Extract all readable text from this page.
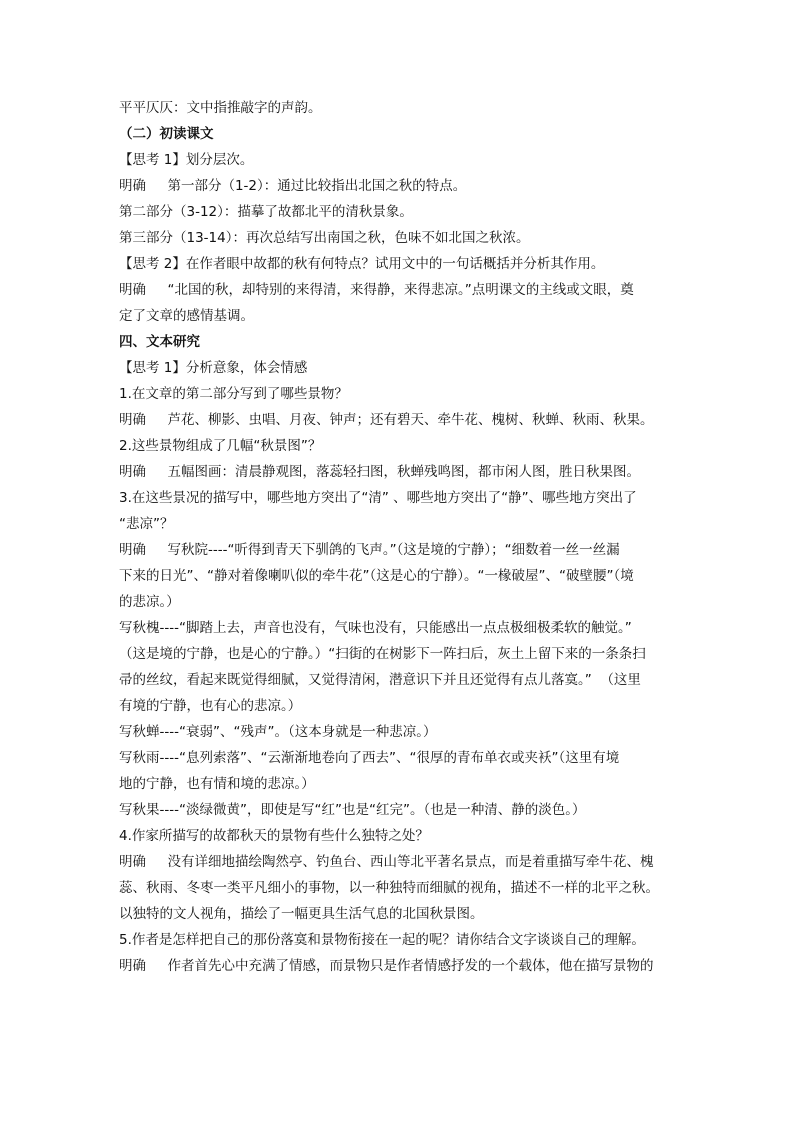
平平仄仄：文中指推敲字的声韵。
（二）初读课文
【思考 1】划分层次。
明确     第一部分（1-2）：通过比较指出北国之秋的特点。
第二部分（3-12）：描摹了故都北平的清秋景象。
第三部分（13-14）：再次总结写出南国之秋，色味不如北国之秋浓。
【思考 2】在作者眼中故都的秋有何特点？试用文中的一句话概括并分析其作用。
明确     “北国的秋，却特别的来得清，来得静，来得悲凉。”点明课文的主线或文眼，奠
定了文章的感情基调。
四、文本研究
【思考 1】分析意象，体会情感
1.在文章的第二部分写到了哪些景物？
明确     芦花、柳影、虫唱、月夜、钟声；还有碧天、牵牛花、槐树、秋蝉、秋雨、秋果。
2.这些景物组成了几幅“秋景图”？
明确     五幅图画：清晨静观图，落蕊轻扫图，秋蝉残鸣图，都市闲人图，胜日秋果图。
3.在这些景况的描写中，哪些地方突出了“清” 、哪些地方突出了“静”、哪些地方突出了
“悲凉”？
明确     写秋院----“听得到青天下驯鸽的飞声。”（这是境的宁静）；“细数着一丝一丝漏
下来的日光”、“静对着像喇叭似的牵牛花”（这是心的宁静）。“一椽破屋”、“破壁腰”（境
的悲凉。）
写秋槐----“脚踏上去，声音也没有，气味也没有，只能感出一点点极细极柔软的触觉。”
（这是境的宁静，也是心的宁静。）“扫街的在树影下一阵扫后，灰土上留下来的一条条扫
帚的丝纹，看起来既觉得细腻，又觉得清闲，潜意识下并且还觉得有点儿落寞。”  （这里
有境的宁静，也有心的悲凉。）
写秋蝉----“衰弱”、“残声”。（这本身就是一种悲凉。）
写秋雨----“息列索落”、“云渐渐地卷向了西去”、“很厚的青布单衣或夹袄”（这里有境
地的宁静，也有情和境的悲凉。）
写秋果----“淡绿微黄”，即使是写“红”也是“红完”。（也是一种清、静的淡色。）
4.作家所描写的故都秋天的景物有些什么独特之处？
明确     没有详细地描绘陶然亭、钓鱼台、西山等北平著名景点，而是着重描写牵牛花、槐
蕊、秋雨、冬枣一类平凡细小的事物，以一种独特而细腻的视角，描述不一样的北平之秋。
以独特的文人视角，描绘了一幅更具生活气息的北国秋景图。
5.作者是怎样把自己的那份落寞和景物衔接在一起的呢？请你结合文字谈谈自己的理解。
明确     作者首先心中充满了情感，而景物只是作者情感抒发的一个载体，他在描写景物的
